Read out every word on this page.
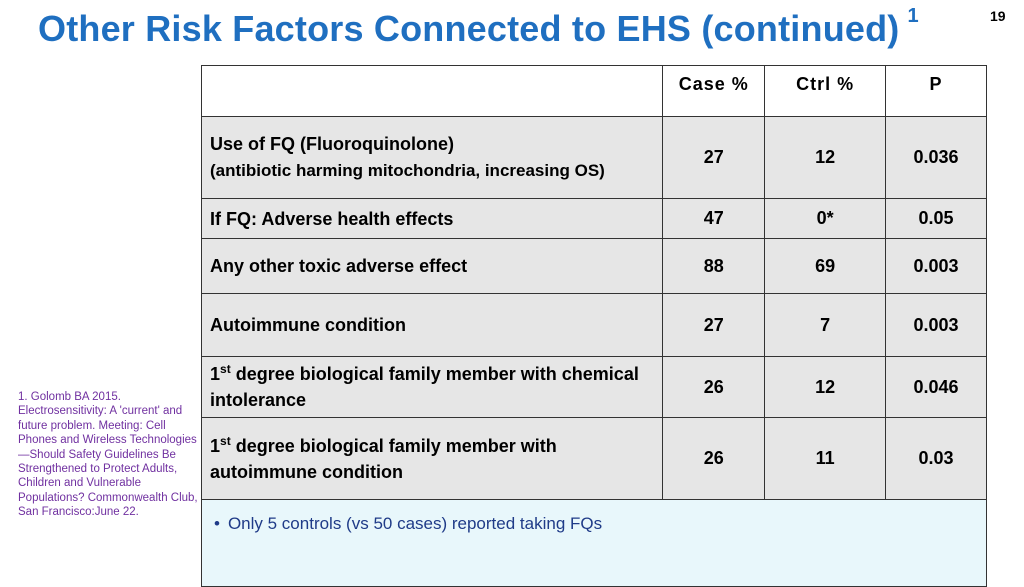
Other Risk Factors Connected to EHS (continued) $^1$	19
1. Golomb BA 2015. Electrosensitivity: A 'current' and future problem. Meeting: Cell Phones and Wireless Technologies—Should Safety Guidelines Be Strengthened to Protect Adults, Children and Vulnerable Populations? Commonwealth Club, San Francisco:June 22.
	Case %	Ctrl %	P
Use of FQ (Fluoroquinolone)
(antibiotic harming mitochondria, increasing OS)	27	12	0.036
If FQ: Adverse health effects	47	0*	0.05
Any other toxic adverse effect	88	69	0.003
Autoimmune condition	27	7	0.003
1st degree biological family member with chemical intolerance	26	12	0.046
1st degree biological family member with autoimmune condition	26	11	0.03
• Only 5 controls (vs 50 cases) reported taking FQs			
